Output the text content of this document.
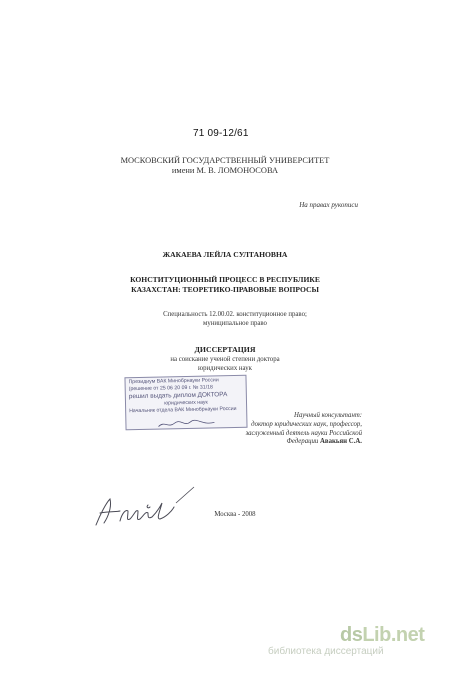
71 09-12/61
МОСКОВСКИЙ ГОСУДАРСТВЕННЫЙ УНИВЕРСИТЕТ
имени М. В. ЛОМОНОСОВА
На правах рукописи
ЖАКАЕВА ЛЕЙЛА СУЛТАНОВНА
КОНСТИТУЦИОННЫЙ ПРОЦЕСС В РЕСПУБЛИКЕ
КАЗАХСТАН: ТЕОРЕТИКО-ПРАВОВЫЕ ВОПРОСЫ
Специальность 12.00.02. конституционное право;
муниципальное право
ДИССЕРТАЦИЯ
на соискание ученой степени доктора
юридических наук
Президиум ВАК Минобрнауки России
(решение от 25 06 20 09 г. № 31/18
решил выдать диплом ДОКТОРА
юридических наук
Начальник отдела ВАК Минобрнауки России
Научный консультант:
доктор юридических наук, профессор,
заслуженный деятель науки Российской
Федерации Авакьян С.А.
Москва - 2008
dsLib.net
библиотека диссертаций
